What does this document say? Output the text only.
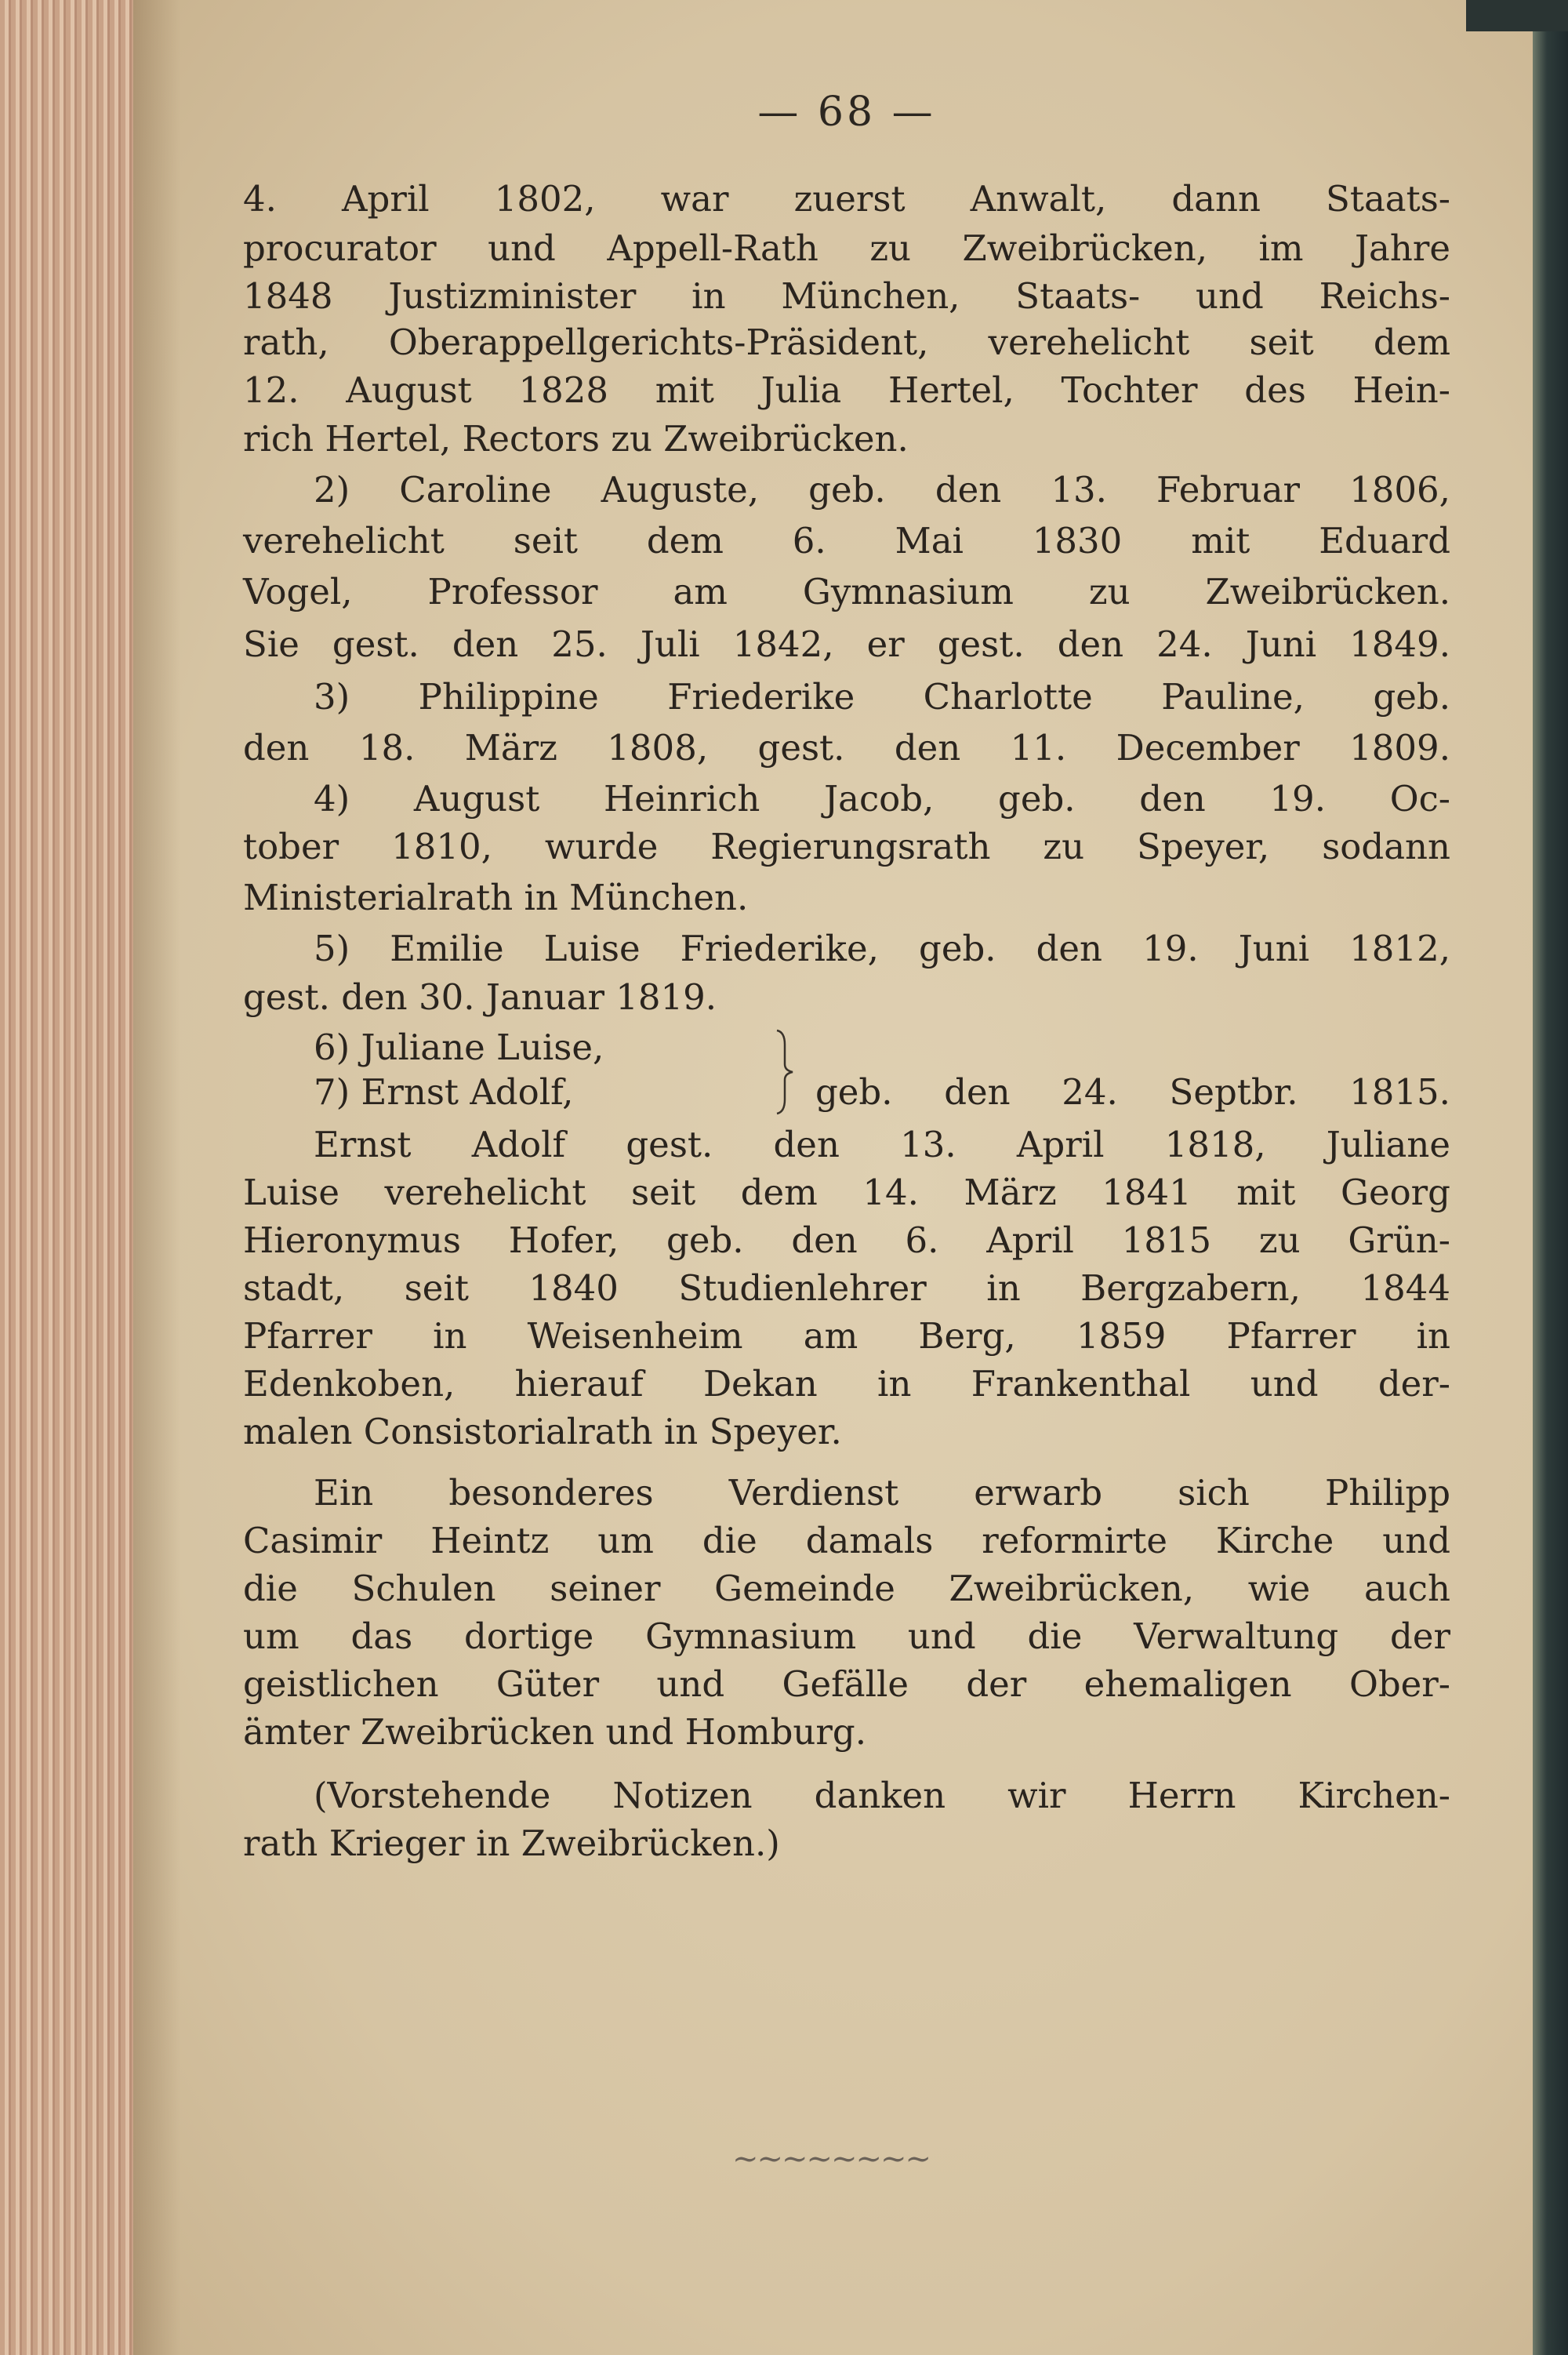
— 68 —
4. April 1802, war zuerst Anwalt, dann Staats-
procurator und Appell-Rath zu Zweibrücken, im Jahre
1848 Justizminister in München, Staats- und Reichs-
rath, Oberappellgerichts-Präsident, verehelicht seit dem
12. August 1828 mit Julia Hertel, Tochter des Hein-
rich Hertel, Rectors zu Zweibrücken.
2) Caroline Auguste, geb. den 13. Februar 1806,
verehelicht seit dem 6. Mai 1830 mit Eduard
Vogel, Professor am Gymnasium zu Zweibrücken.
Sie gest. den 25. Juli 1842, er gest. den 24. Juni 1849.
3) Philippine Friederike Charlotte Pauline, geb.
den 18. März 1808, gest. den 11. December 1809.
4) August Heinrich Jacob, geb. den 19. Oc-
tober 1810, wurde Regierungsrath zu Speyer, sodann
Ministerialrath in München.
5) Emilie Luise Friederike, geb. den 19. Juni 1812,
gest. den 30. Januar 1819.
6) Juliane Luise,
7) Ernst Adolf,
Ernst Adolf gest. den 13. April 1818, Juliane
Luise verehelicht seit dem 14. März 1841 mit Georg
Hieronymus Hofer, geb. den 6. April 1815 zu Grün-
stadt, seit 1840 Studienlehrer in Bergzabern, 1844
Pfarrer in Weisenheim am Berg, 1859 Pfarrer in
Edenkoben, hierauf Dekan in Frankenthal und der-
malen Consistorialrath in Speyer.
Ein besonderes Verdienst erwarb sich Philipp
Casimir Heintz um die damals reformirte Kirche und
die Schulen seiner Gemeinde Zweibrücken, wie auch
um das dortige Gymnasium und die Verwaltung der
geistlichen Güter und Gefälle der ehemaligen Ober-
ämter Zweibrücken und Homburg.
(Vorstehende Notizen danken wir Herrn Kirchen-
rath Krieger in Zweibrücken.)
geb. den 24. Septbr. 1815.
~~~~~~~~
